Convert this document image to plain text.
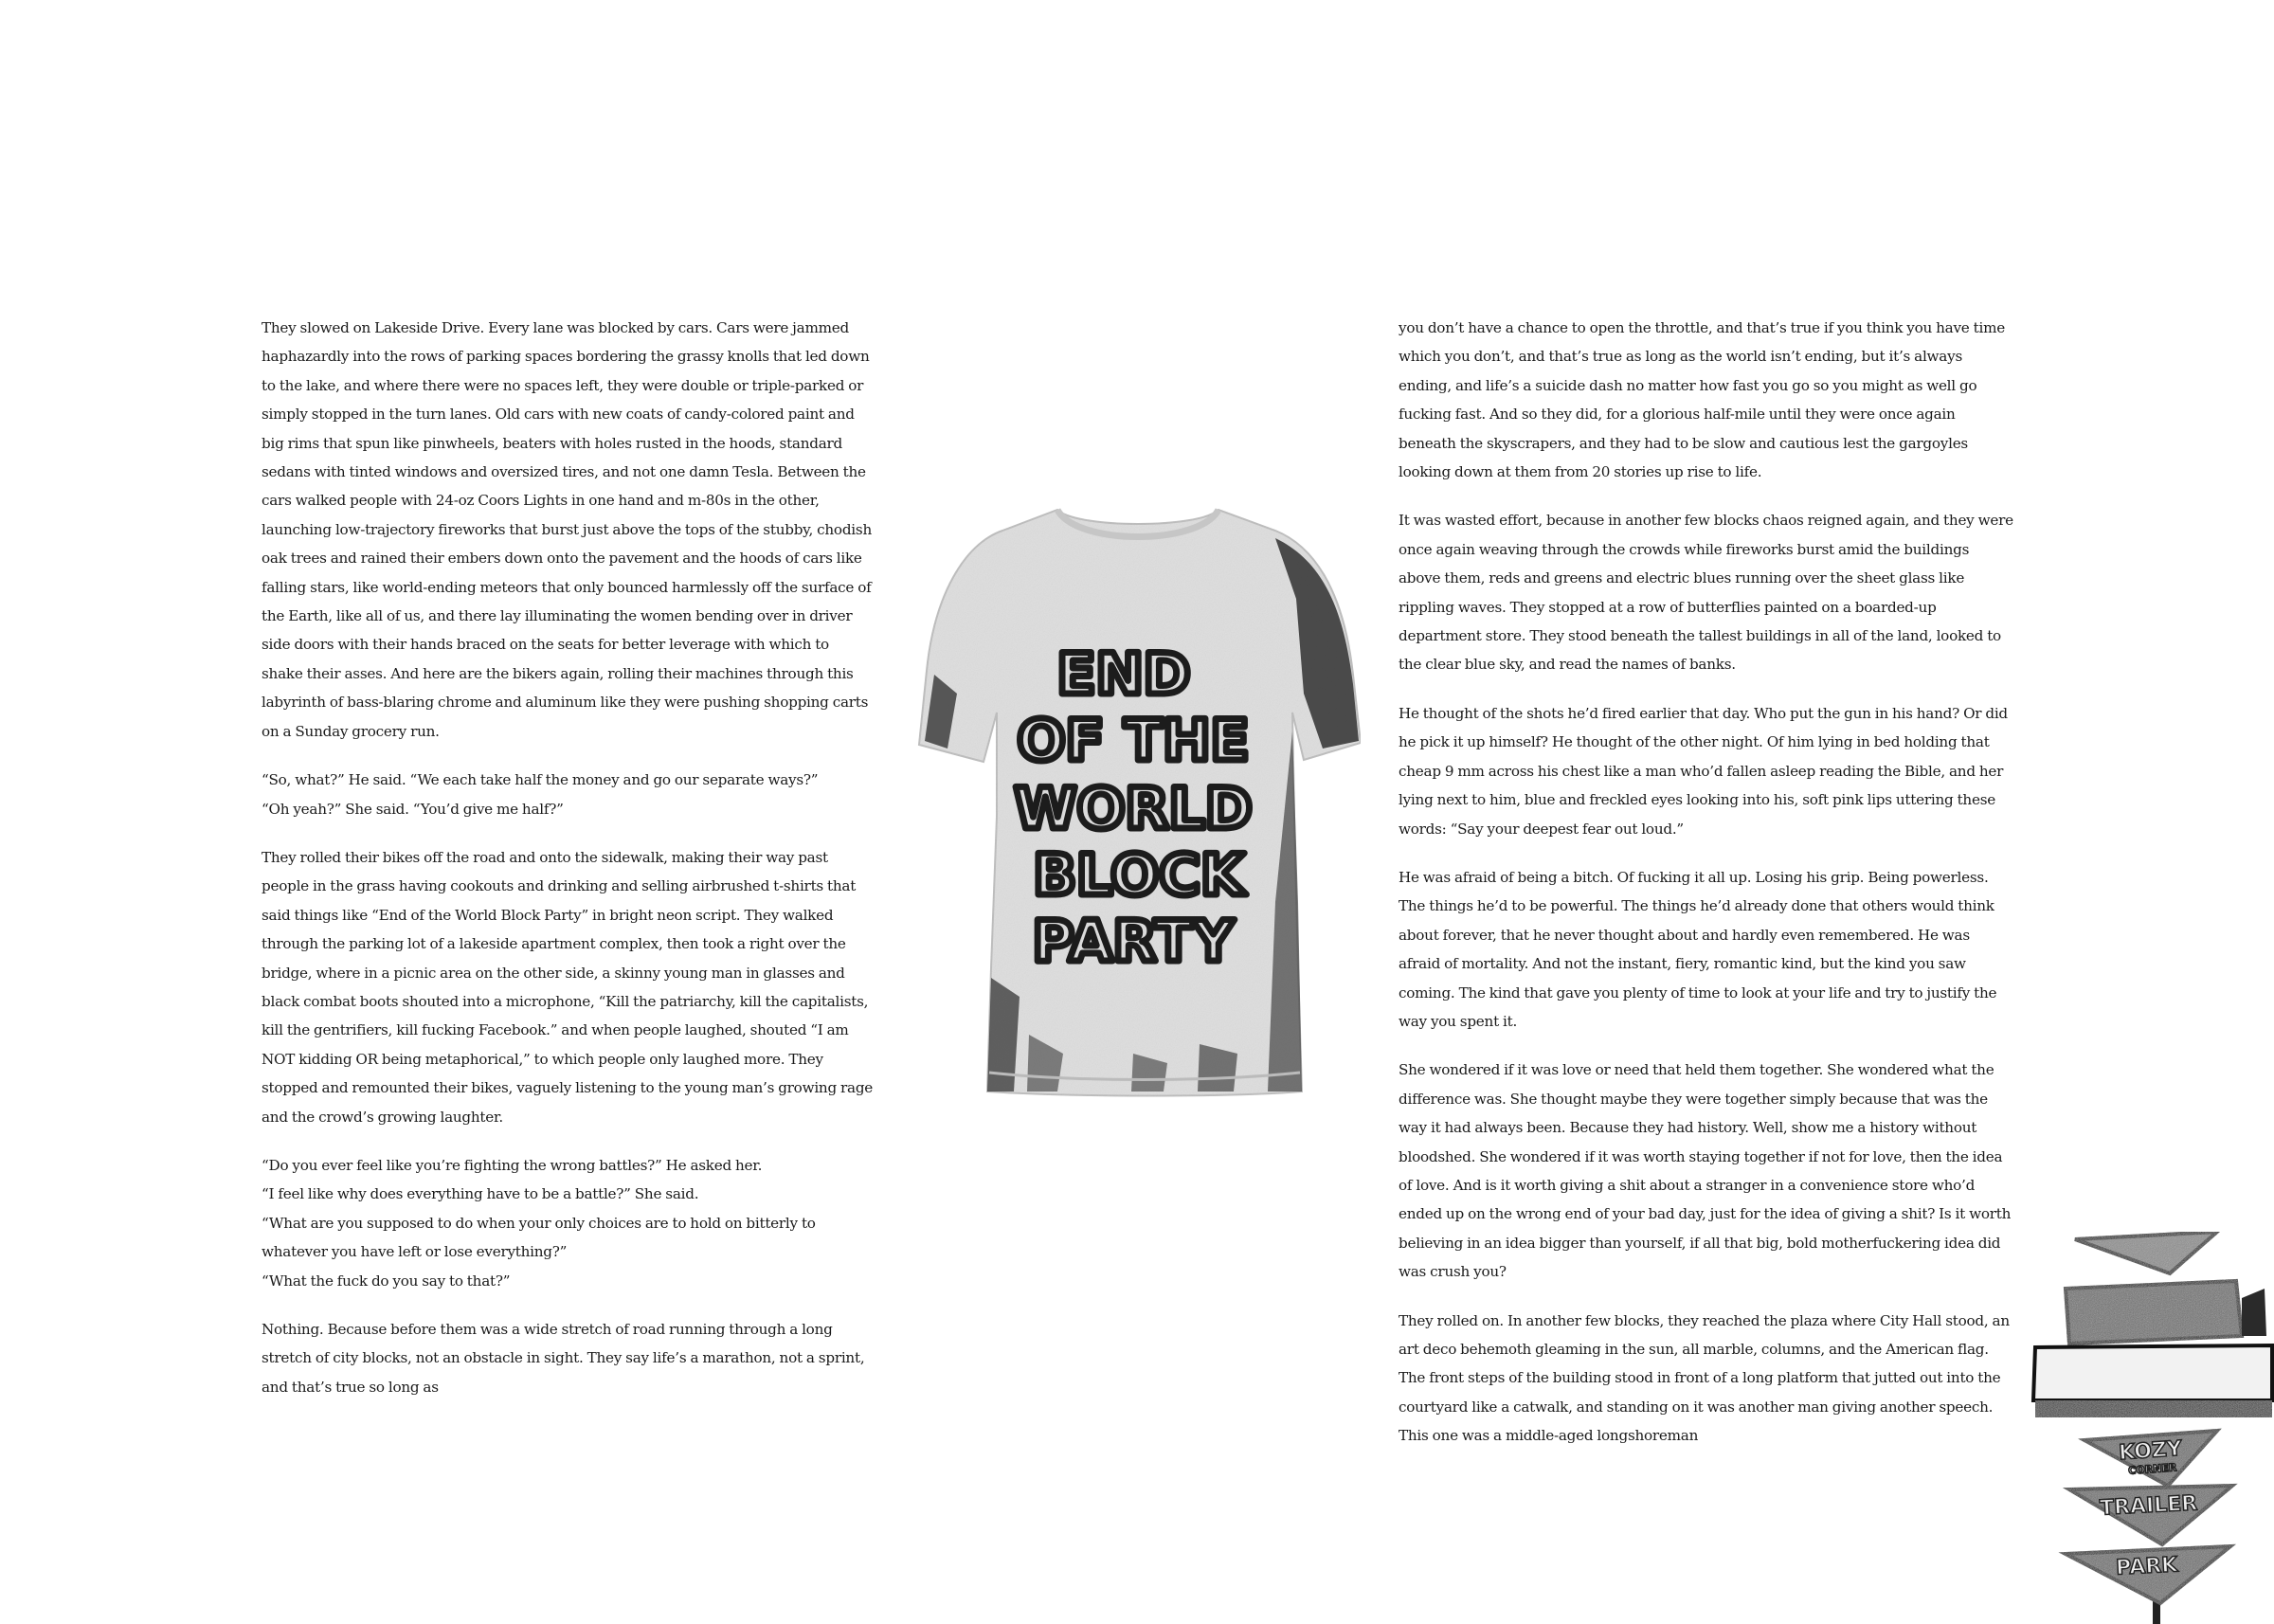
They slowed on Lakeside Drive. Every lane was blocked by cars. Cars were jammed haphazardly into the rows of parking spaces bordering the grassy knolls that led down to the lake, and where there were no spaces left, they were double or triple-parked or simply stopped in the turn lanes. Old cars with new coats of candy-colored paint and big rims that spun like pinwheels, beaters with holes rusted in the hoods, standard sedans with tinted windows and oversized tires, and not one damn Tesla. Between the cars walked people with 24-oz Coors Lights in one hand and m-80s in the other, launching low-trajectory fireworks that burst just above the tops of the stubby, chodish oak trees and rained their embers down onto the pavement and the hoods of cars like falling stars, like world-ending meteors that only bounced harmlessly off the surface of the Earth, like all of us, and there lay illuminating the women bending over in driver side doors with their hands braced on the seats for better leverage with which to shake their asses. And here are the bikers again, rolling their machines through this labyrinth of bass-blaring chrome and aluminum like they were pushing shopping carts on a Sunday grocery run.

“So, what?” He said. “We each take half the money and go our separate ways?”
“Oh yeah?” She said. “You’d give me half?”

They rolled their bikes off the road and onto the sidewalk, making their way past people in the grass having cookouts and drinking and selling airbrushed t-shirts that said things like “End of the World Block Party” in bright neon script. They walked through the parking lot of a lakeside apartment complex, then took a right over the bridge, where in a picnic area on the other side, a skinny young man in glasses and black combat boots shouted into a microphone, “Kill the patriarchy, kill the capitalists, kill the gentrifiers, kill fucking Facebook.” and when people laughed, shouted “I am NOT kidding OR being metaphorical,” to which people only laughed more. They stopped and remounted their bikes, vaguely listening to the young man’s growing rage and the crowd’s growing laughter.

“Do you ever feel like you’re fighting the wrong battles?” He asked her.
“I feel like why does everything have to be a battle?” She said.
“What are you supposed to do when your only choices are to hold on bitterly to whatever you have left or lose everything?”
“What the fuck do you say to that?”

Nothing. Because before them was a wide stretch of road running through a long stretch of city blocks, not an obstacle in sight. They say life’s a marathon, not a sprint, and that’s true so long as

END
OF THE
WORLD
BLOCK
PARTY

you don’t have a chance to open the throttle, and that’s true if you think you have time which you don’t, and that’s true as long as the world isn’t ending, but it’s always ending, and life’s a suicide dash no matter how fast you go so you might as well go fucking fast. And so they did, for a glorious half-mile until they were once again beneath the skyscrapers, and they had to be slow and cautious lest the gargoyles looking down at them from 20 stories up rise to life.

It was wasted effort, because in another few blocks chaos reigned again, and they were once again weaving through the crowds while fireworks burst amid the buildings above them, reds and greens and electric blues running over the sheet glass like rippling waves. They stopped at a row of butterflies painted on a boarded-up department store. They stood beneath the tallest buildings in all of the land, looked to the clear blue sky, and read the names of banks.

He thought of the shots he’d fired earlier that day. Who put the gun in his hand? Or did he pick it up himself? He thought of the other night. Of him lying in bed holding that cheap 9 mm across his chest like a man who’d fallen asleep reading the Bible, and her lying next to him, blue and freckled eyes looking into his, soft pink lips uttering these words: “Say your deepest fear out loud.”

He was afraid of being a bitch. Of fucking it all up. Losing his grip. Being powerless. The things he’d to be powerful. The things he’d already done that others would think about forever, that he never thought about and hardly even remembered. He was afraid of mortality. And not the instant, fiery, romantic kind, but the kind you saw coming. The kind that gave you plenty of time to look at your life and try to justify the way you spent it.

She wondered if it was love or need that held them together. She wondered what the difference was. She thought maybe they were together simply because that was the way it had always been. Because they had history. Well, show me a history without bloodshed. She wondered if it was worth staying together if not for love, then the idea of love. And is it worth giving a shit about a stranger in a convenience store who’d ended up on the wrong end of your bad day, just for the idea of giving a shit? Is it worth believing in an idea bigger than yourself, if all that big, bold motherfuckering idea did was crush you?

They rolled on. In another few blocks, they reached the plaza where City Hall stood, an art deco behemoth gleaming in the sun, all marble, columns, and the American flag. The front steps of the building stood in front of a long platform that jutted out into the courtyard like a catwalk, and standing on it was another man giving another speech. This one was a middle-aged longshoreman

KOZY
CORNER
TRAILER
PARK
